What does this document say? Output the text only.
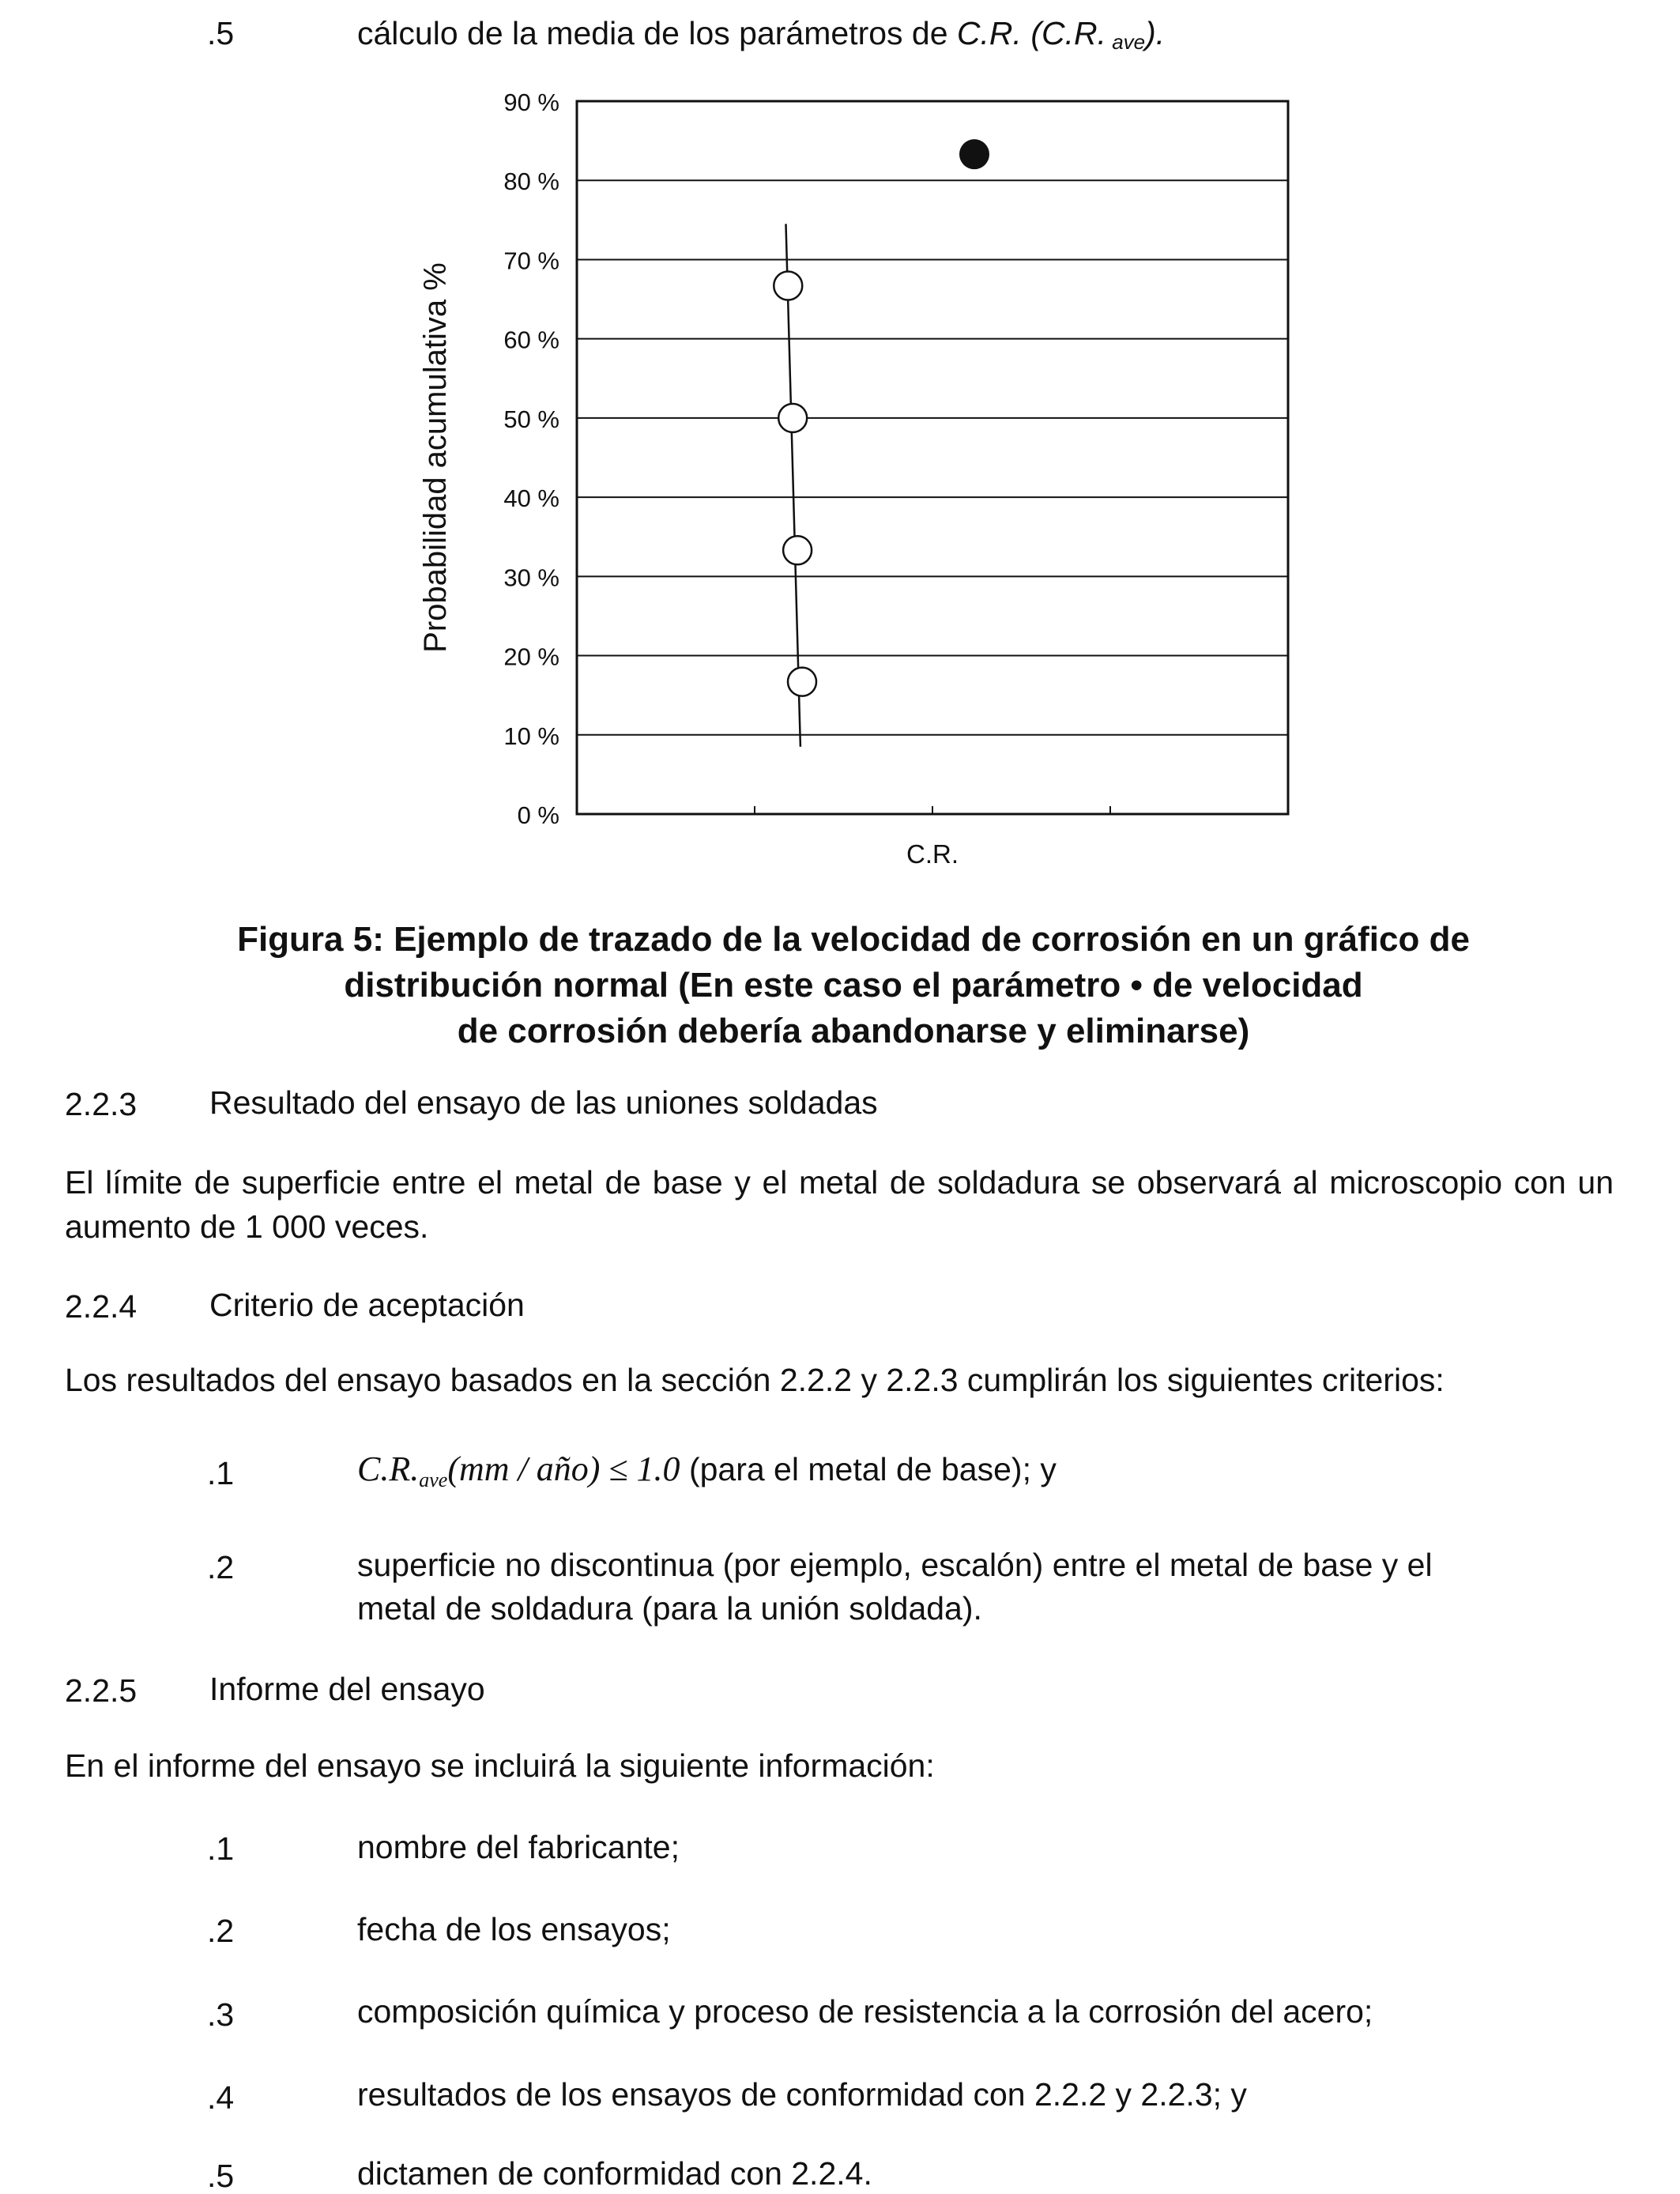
.5	cálculo de la media de los parámetros de C.R. (C.R. ave).
0 %
10 %
20 %
30 %
40 %
50 %
60 %
70 %
80 %
90 %
C.R.
Probabilidad acumulativa %
Figura 5: Ejemplo de trazado de la velocidad de corrosión en un gráfico de
distribución normal (En este caso el parámetro • de velocidad
de corrosión debería abandonarse y eliminarse)
2.2.3 Resultado del ensayo de las uniones soldadas
El límite de superficie entre el metal de base y el metal de soldadura se observará al microscopio con un aumento de 1 000 veces.
2.2.4 Criterio de aceptación
Los resultados del ensayo basados en la sección 2.2.2 y 2.2.3 cumplirán los siguientes criterios:
.1	$C.R._{ave}(mm$ / año) ≤ 1.0 (para el metal de base); y
.2	superficie no discontinua (por ejemplo, escalón) entre el metal de base y el
metal de soldadura (para la unión soldada).
2.2.5 Informe del ensayo
En el informe del ensayo se incluirá la siguiente información:
.1	nombre del fabricante;
.2	fecha de los ensayos;
.3	composición química y proceso de resistencia a la corrosión del acero;
.4	resultados de los ensayos de conformidad con 2.2.2 y 2.2.3; y
.5	dictamen de conformidad con 2.2.4.
